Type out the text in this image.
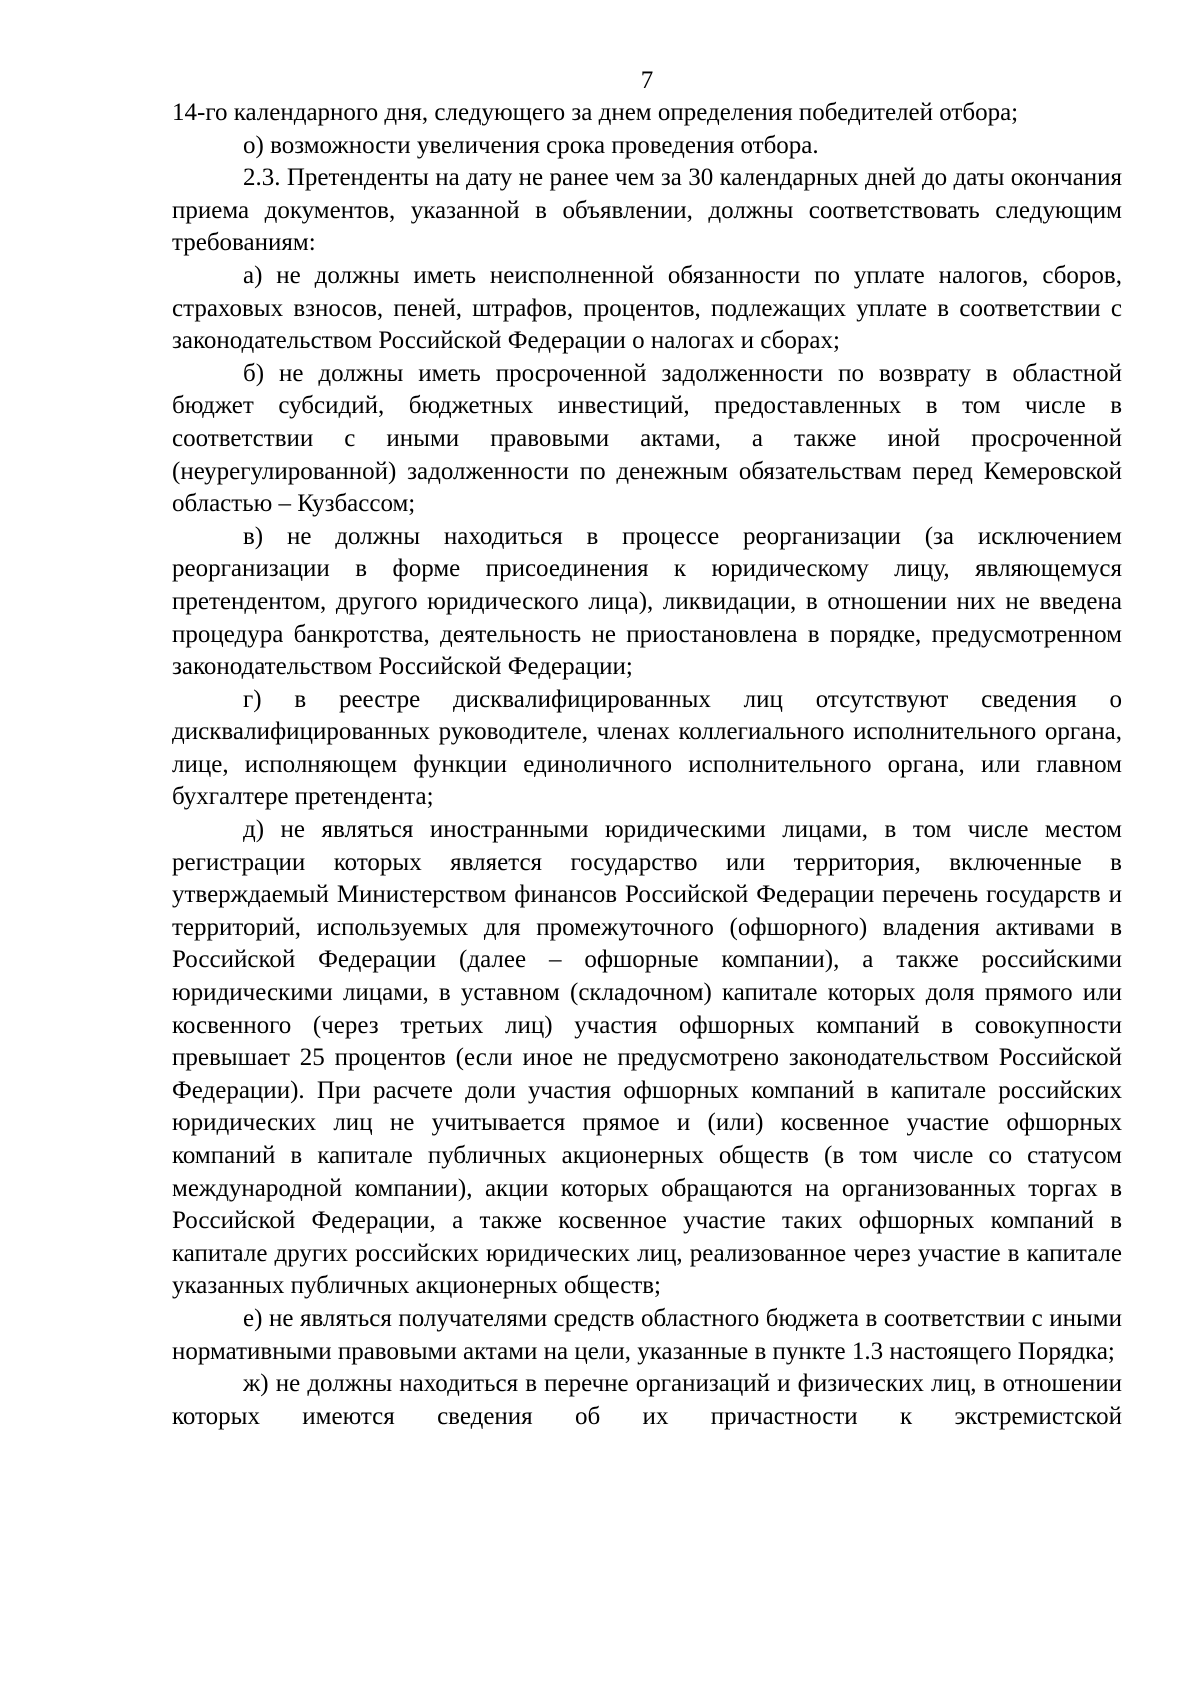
7

14-го календарного дня, следующего за днем определения победителей отбора;

о) возможности увеличения срока проведения отбора.

2.3. Претенденты на дату не ранее чем за 30 календарных дней до даты окончания приема документов, указанной в объявлении, должны соответствовать следующим требованиям:

а) не должны иметь неисполненной обязанности по уплате налогов, сборов, страховых взносов, пеней, штрафов, процентов, подлежащих уплате в соответствии с законодательством Российской Федерации о налогах и сборах;

б) не должны иметь просроченной задолженности по возврату в областной бюджет субсидий, бюджетных инвестиций, предоставленных в том числе в соответствии с иными правовыми актами, а также иной просроченной (неурегулированной) задолженности по денежным обязательствам перед Кемеровской областью – Кузбассом;

в) не должны находиться в процессе реорганизации (за исключением реорганизации в форме присоединения к юридическому лицу, являющемуся претендентом, другого юридического лица), ликвидации, в отношении них не введена процедура банкротства, деятельность не приостановлена в порядке, предусмотренном законодательством Российской Федерации;

г) в реестре дисквалифицированных лиц отсутствуют сведения о дисквалифицированных руководителе, членах коллегиального исполнительного органа, лице, исполняющем функции единоличного исполнительного органа, или главном бухгалтере претендента;

д) не являться иностранными юридическими лицами, в том числе местом регистрации которых является государство или территория, включенные в утверждаемый Министерством финансов Российской Федерации перечень государств и территорий, используемых для промежуточного (офшорного) владения активами в Российской Федерации (далее – офшорные компании), а также российскими юридическими лицами, в уставном (складочном) капитале которых доля прямого или косвенного (через третьих лиц) участия офшорных компаний в совокупности превышает 25 процентов (если иное не предусмотрено законодательством Российской Федерации). При расчете доли участия офшорных компаний в капитале российских юридических лиц не учитывается прямое и (или) косвенное участие офшорных компаний в капитале публичных акционерных обществ (в том числе со статусом международной компании), акции которых обращаются на организованных торгах в Российской Федерации, а также косвенное участие таких офшорных компаний в капитале других российских юридических лиц, реализованное через участие в капитале указанных публичных акционерных обществ;

е) не являться получателями средств областного бюджета в соответствии с иными нормативными правовыми актами на цели, указанные в пункте 1.3 настоящего Порядка;

ж) не должны находиться в перечне организаций и физических лиц, в отношении которых имеются сведения об их причастности к экстремистской
